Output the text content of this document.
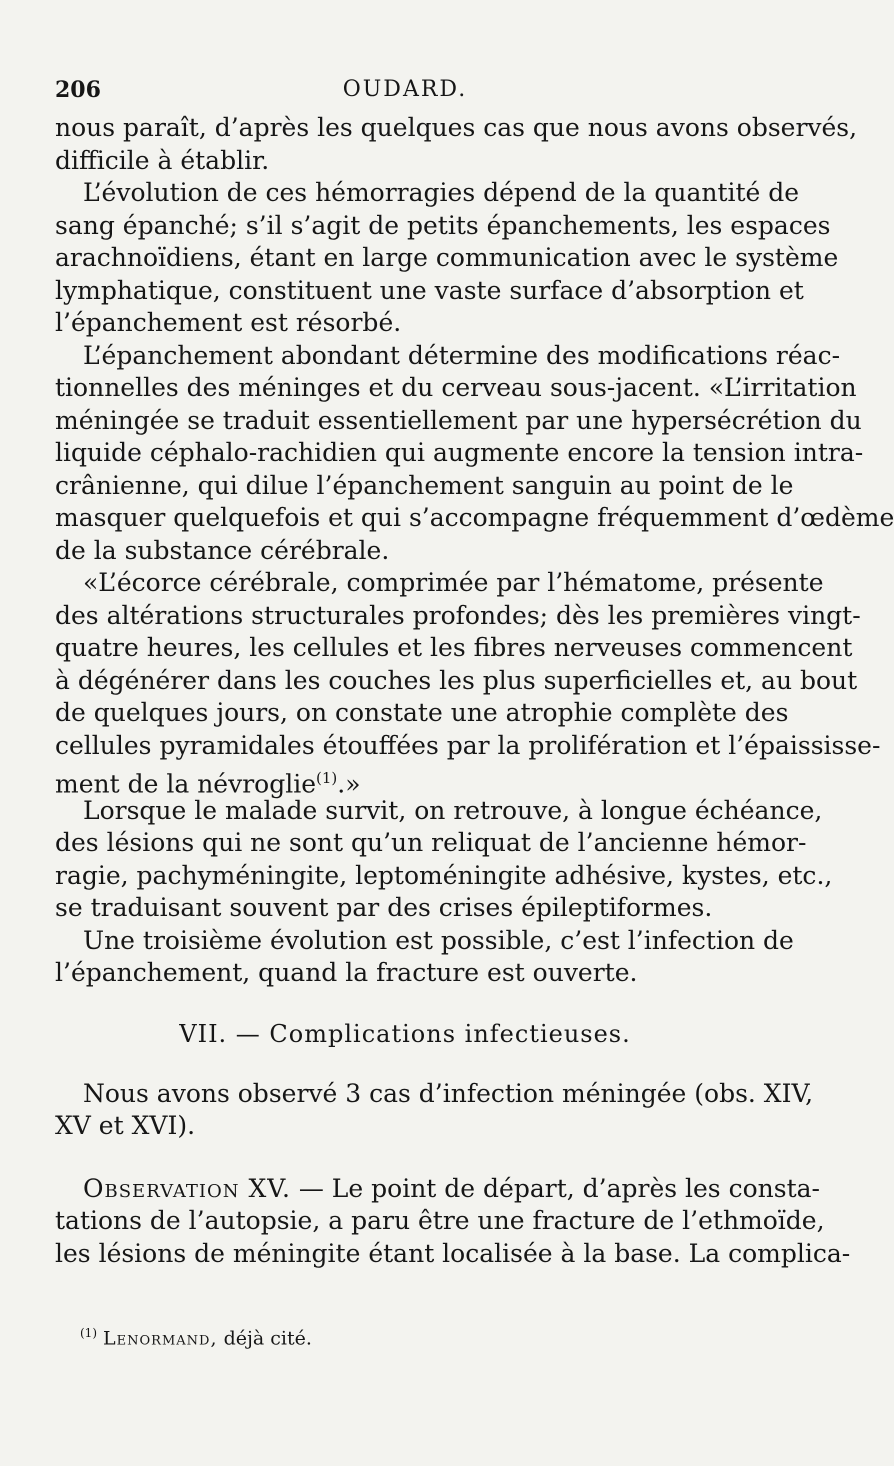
206	OUDARD.
nous paraît, d’après les quelques cas que nous avons observés,
difficile à établir.
L’évolution de ces hémorragies dépend de la quantité de
sang épanché; s’il s’agit de petits épanchements, les espaces
arachnoïdiens, étant en large communication avec le système
lymphatique, constituent une vaste surface d’absorption et
l’épanchement est résorbé.
L’épanchement abondant détermine des modifications réac-
tionnelles des méninges et du cerveau sous-jacent. «L’irritation
méningée se traduit essentiellement par une hypersécrétion du
liquide céphalo-rachidien qui augmente encore la tension intra-
crânienne, qui dilue l’épanchement sanguin au point de le
masquer quelquefois et qui s’accompagne fréquemment d’œdème
de la substance cérébrale.
«L’écorce cérébrale, comprimée par l’hématome, présente
des altérations structurales profondes; dès les premières vingt-
quatre heures, les cellules et les fibres nerveuses commencent
à dégénérer dans les couches les plus superficielles et, au bout
de quelques jours, on constate une atrophie complète des
cellules pyramidales étouffées par la prolifération et l’épaississe-
ment de la névroglie$^{(1)}$.»
Lorsque le malade survit, on retrouve, à longue échéance,
des lésions qui ne sont qu’un reliquat de l’ancienne hémor-
ragie, pachyméningite, leptoméningite adhésive, kystes, etc.,
se traduisant souvent par des crises épileptiformes.
Une troisième évolution est possible, c’est l’infection de
l’épanchement, quand la fracture est ouverte.
VII. — Complications infectieuses.
Nous avons observé 3 cas d’infection méningée (obs. XIV,
XV et XVI).
Observation XV. — Le point de départ, d’après les consta-
tations de l’autopsie, a paru être une fracture de l’ethmoïde,
les lésions de méningite étant localisée à la base. La complica-
$^{(1)}$ Lenormand, déjà cité.
